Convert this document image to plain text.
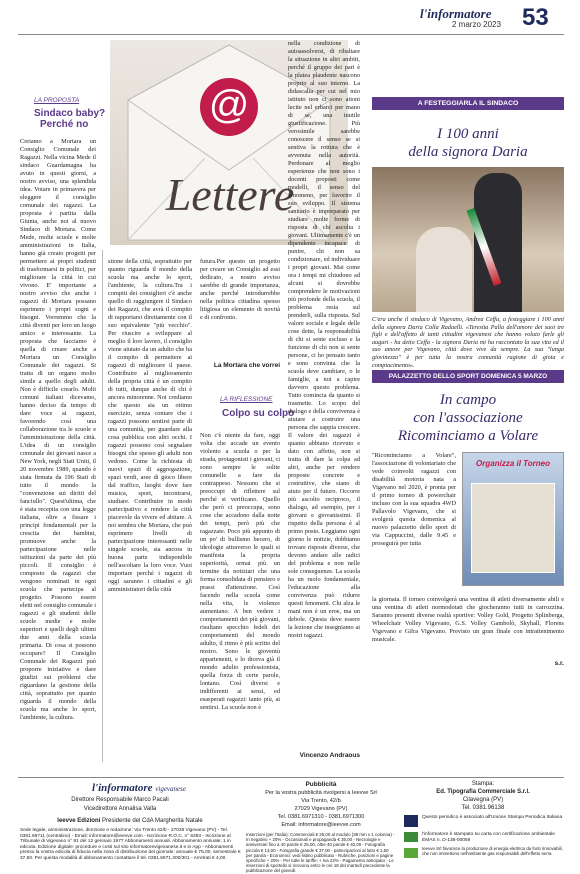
l'informatore
2 marzo 2023 53
@
Lettere
LA PROPOSTA
Sindaco baby?
Perché no
Creiamo a Mortara un Consiglio Comunale dei Ragazzi. Nella vicina Mede il sindaco Guardamagna ha avuto in questi giorni, a nostro avviso, una splendida idea. Votare in primavera per eleggere il consiglio comunale dei ragazzi. La proposta è partita dalla Giunta, anche noi al nuovo Sindaco di Mortara. Come Mede, molte scuole e molte amministrazioni in Italia, hanno già creato progetti per permettere ai propri studenti di trasformarsi in politici, per migliorare la città in cui vivono. E' importante a nostro avviso che anche i ragazzi di Mortara possano esprimere i propri sogni e bisogni. Vorremmo che la città diventi per loro un luogo amico e interessante. La proposta che facciamo è quella di creare anche a Mortara un Consiglio Comunale dei ragazzi. Si tratta di un organo molto simile a quello degli adulti. Non è difficile crearlo. Molti comuni italiani dicevamo, hanno deciso da tempo di dare voce ai ragazzi, favorendo così una collaborazione tra le scuole e l'amministrazione della città. L'idea di un consiglio comunale dei giovani nasce a New York, negli Stati Uniti, il 20 novembre 1989, quando è stata firmata da 196 Stati di tutto il mondo la "convenzione sui diritti del fanciullo". Quest'ultima, che è stata recepita con una legge italiana, oltre a fissare i principi fondamentali per la crescita dei bambini, promuove anche la partecipazione nelle istituzioni da parte dei più piccoli. Il consiglio è composto da ragazzi che vengono nominati in ogni scuola che partecipa al progetto. Possono essere eletti nel consiglio comunale i ragazzi e gli studenti delle scuole medie e molte superiori e quelli degli ultimi due anni della scuola primaria. Di cosa si possono occupare? Il Consiglio Comunale dei Ragazzi può proporre iniziative e dare giudizi sui problemi che riguardano la gestione della città, soprattutto per quanto riguarda il mondo della scuola ma anche lo sport, l'ambiente, la cultura.
stione della città, soprattutto per quanto riguarda il mondo della scuola ma anche lo sport, l'ambiente, la cultura.Tra i compiti dei consiglieri c'è anche quello di raggiungere il Sindaco dei Ragazzi, che avrà il compito di rapportarsi direttamente con il suo equivalente "più vecchio". Per riuscire a sviluppare al meglio il loro lavoro, il consiglio viene aiutato da un adulto che ha il compito di permettere ai ragazzi di migliorare il paese. Contribuire al miglioramento della propria città è un compito di tutti, dunque anche di chi è ancora minorenne. Noi crediamo che questo sia un ottimo esercizio, senza contare che i ragazzi possono sentirsi parte di una comunità, per guardare alla cosa pubblica con altri occhi. I ragazzi possono così segnalare bisogni che spesso gli adulti non vedono. Come la richiesta di nuovi spazi di aggregazione, spazi verdi, aree di gioco libere dal traffico, luoghi dove fare musica, sport, incontrarsi, studiare. Contribuire in modo partecipativo e rendere la città piacevole da vivere ed abitare. A noi sembra che Mortara, che può esprimere livelli di partecipazione interessanti nelle singole scuole, sia ancora in buona parte indisponibile nell'ascoltare la loro voce. Vuoi importare perché i ragazzi di oggi saranno i cittadini e gli amministratori della città
futura.Per questo un progetto per creare un Consiglio ad essi dedicato, a nostro avviso sarebbe di grande importanza, anche perché introdurrebbe nella politica cittadina spesso litigiosa un elemento di novità e di confronto.
La Mortara che vorrei
LA RIFLESSIONE
Colpo su colpo
Non c'è niente da fare, oggi volta che accade un evento violento a scuola o per la strada, protagonisti i giovani, ci sono sempre le solite comunelle a fare da contrappeso. Nessuno che si preoccupi di riflettere sul perché si verificano. Quello che però ci preoccupa, sono cose che accadono dalla notte dei tempi, però più che ragazzate. Poco più appunto di un po' di bullismo becero, di ideologie attraverso le quali si manifesta la propria superiorità, ormai più un termine da notiziari che una forma consolidata di pensiero e prassi d'attenzione. Così facendo nella scuola come nella vita, le violenze aumentano. A ben vedere i comportamenti dei più giovani, risultano specchio fedeli dei comportamenti del mondo adulto, il ritmo è più scritto del nostro. Sono le gioventù appartenenti, e lo diceva già il mondo adulto professionista, quella forza di certe parole, lontano. Così diversi e indifferenti ai sensi, ed esasperati ragazzi: tanto più, ai sentirsi. La scuola non è
nella condizione di autoassolversi, di ribaltare la situazione in altri ambiti, perché il gruppo dei pari è la platea plaudente nascono proprio al suo interno. La didascalia per cui nel mio istituto non ci sono ationi lecite nel erbarci per mano di sé, una inutile giustificazione. Più verosimile sarebbe conoscere il senso se si sentiva la rottura che è avvenuta nella autorità. Perdonare al meglio esperienze che non sono i docenti proposti come modelli, il senso del fenomeno, per favorire il suo sviluppo. Il sistema sanitario è impreparato per studiare molte forme di risposta di chi ascolta i giovani. Ultimamente c'è un dipendente incapace di punire, chi non sa condizionare, ed individuare i propri giovani. Mai come ora i tempi mi chiudono ad alcuni si dovrebbe comprendere le motivazioni più profonde della scuola, il problema resta sul prenderli, sulla risposta. Sul valore sociale e legale delle cose dette, la responsabilità di chi si sente escluso e la funzione di chi non si sente persone, ci ho pensato tanto e sono convinta che la scuola deve cambiare, o le famiglie, a noi a capire davvero questo problema. Tutto comincia da quanto si trasmette. Lo scopo del dialogo e della convivenza è aiutare a costruire una persona che sappia crescere. Il valore dei ragazzi è quanto abbiano ricevuto e dato con affetto, non si tratta di dare la colpa ad altri, anche per rendere proposte concrete e costruttive, che siano di aiuto per il futuro. Occorre più ascolto reciproco, il dialogo, ad esempio, per i giovani e giovanissimi. Il rispetto della persona è al primo posto. Leggiamo ogni giorno le notizie, dobbiamo trovare risposte diverse, che devono andare alle radici del problema e non nelle sole conseguenze. La scuola ha un ruolo fondamentale, l'educazione alla convivenza può ridurre questi fenomeni. Chi alza le mani non è un eroe, ma un debole. Questa deve essere la lezione che insegniamo ai nostri ragazzi.
Vincenzo Andraous
A FESTEGGIARLA IL SINDACO
I 100 anni
della signora Daria
C'era anche il sindaco di Vigevano, Andrea Ceffa, a festeggiare i 100 anni della signora Daria Colla Radaelli. «Teresita Palla dell'amore dei suoi tre figli e dell'affetto di tanti cittadini vigevanesi che hanno voluto farle gli auguri - ha detto Ceffa - la signora Daria mi ha raccontato la sua vita ed il suo amore per Vigevano, città dove vive da sempre. La sua "lunga giovinezza" è per tutta la nostra comunità ragione di gioia e compiacimento».
PALAZZETTO DELLO SPORT DOMENICA 5 MARZO
In campo
con l'associazione
Ricominciamo a Volare
"Ricominciamo a Volare", l'associazione di volontariato che vede coinvolti ragazzi con disabilità motoria nata a Vigevano nel 2020, è pronta per il primo torneo di powerchair incluso con la sua squadra 4WD Pallavolo Vigevano, che si svolgerà questa domenica al nuovo palazzetto dello sport di via Cappuccini, dalle 9.45 e proseguirà per tutta
Organizza il Torneo
la giornata. Il torneo coinvolgerà una ventina di atleti diversamente abili e una ventina di atleti normodotati che giocheranno tutti in carrozzina. Saranno presenti diverse realtà sportive: Volley Gold, Progetto Splinberga, Wheelchair Volley Vigevano, G.S. Volley Gambolò, Skyhall, Florens Vigevano e Gifra Vigevano. Previsto un gran finale con intrattenimento musicale.
s.r.
l'informatore vigevanese
Direttore Responsabile Marco Pacali
Vicedirettore Annalisa Valla
Ieevve Edizioni Presidente del CdA Margherita Natale
Sede legale, amministrazione, direzione e redazione: Via Trento 42/b - 27029 Vigevano (PV) - Tel. 0381.69711 (centralino) - Email: informatore@ieevve.com - Iscrizione R.O.C. n° 6393 - Iscrizione al Tribunale di Vigevano n° 91 del 12 gennaio 1977 Abbonamenti annuali. Abbonamento annuale: 1 in edicola. Edizione digitale: procedure e costi sul sito informatorevigevanese.it e in App - Abbonamenti presso la vostra edicola di fiducia nella zona di distribuzione del giornale: annuale € 75,00, semestrale € 37,50. Per questa modalità di abbonamento contattare il tel. 0381.6971.300/301 - Arretrati € 4,00.
Pubblicità
Per la vostra pubblicità rivolgersi a Ieevve Srl
Via Trento, 42/b
27029 Vigevano (PV)
Tel. 0381.6971310 - 0381.6971300
Email: informatore@ieevve.com
Inserzioni (per l'Italia): Commerciali € 25,00 al modulo (38 mm x 1 colonna) - In negativo + 20% - Occasionali e propaganda € 35,00 - Necrologie e anniversari fino a 40 parole € 25,00, oltre 40 parole € 40,00 - Fotografia piccola € 13,00 - Fotografia grande € 37,00 - partecipazioni al lutto € 1,50 per parola - Economici: vedi listino pubblicato - Rubriche, posizioni e pagine specifiche + 20% - Per tutte le tariffe: + Iva 22% - Pagamento anticipato - Le inserzioni di sportello si ricevono entro le ore 18 del martedì precedente la pubblicazione del giovedì.
Stampa:
Ed. Tipografia Commerciale S.r.l.
Cilavegna (PV)
Tel. 0381.96138
Questo periodico è associato all'Unione Stampa Periodica Italiana
l'informatore è stampato su carta con certificazione ambientale EMAS n. D-138-00059
Ieevve Srl favorisce la produzione di energia elettrica da fonti rinnovabili, che non immettono nell'ambiente gas responsabili dell'effetto serra
